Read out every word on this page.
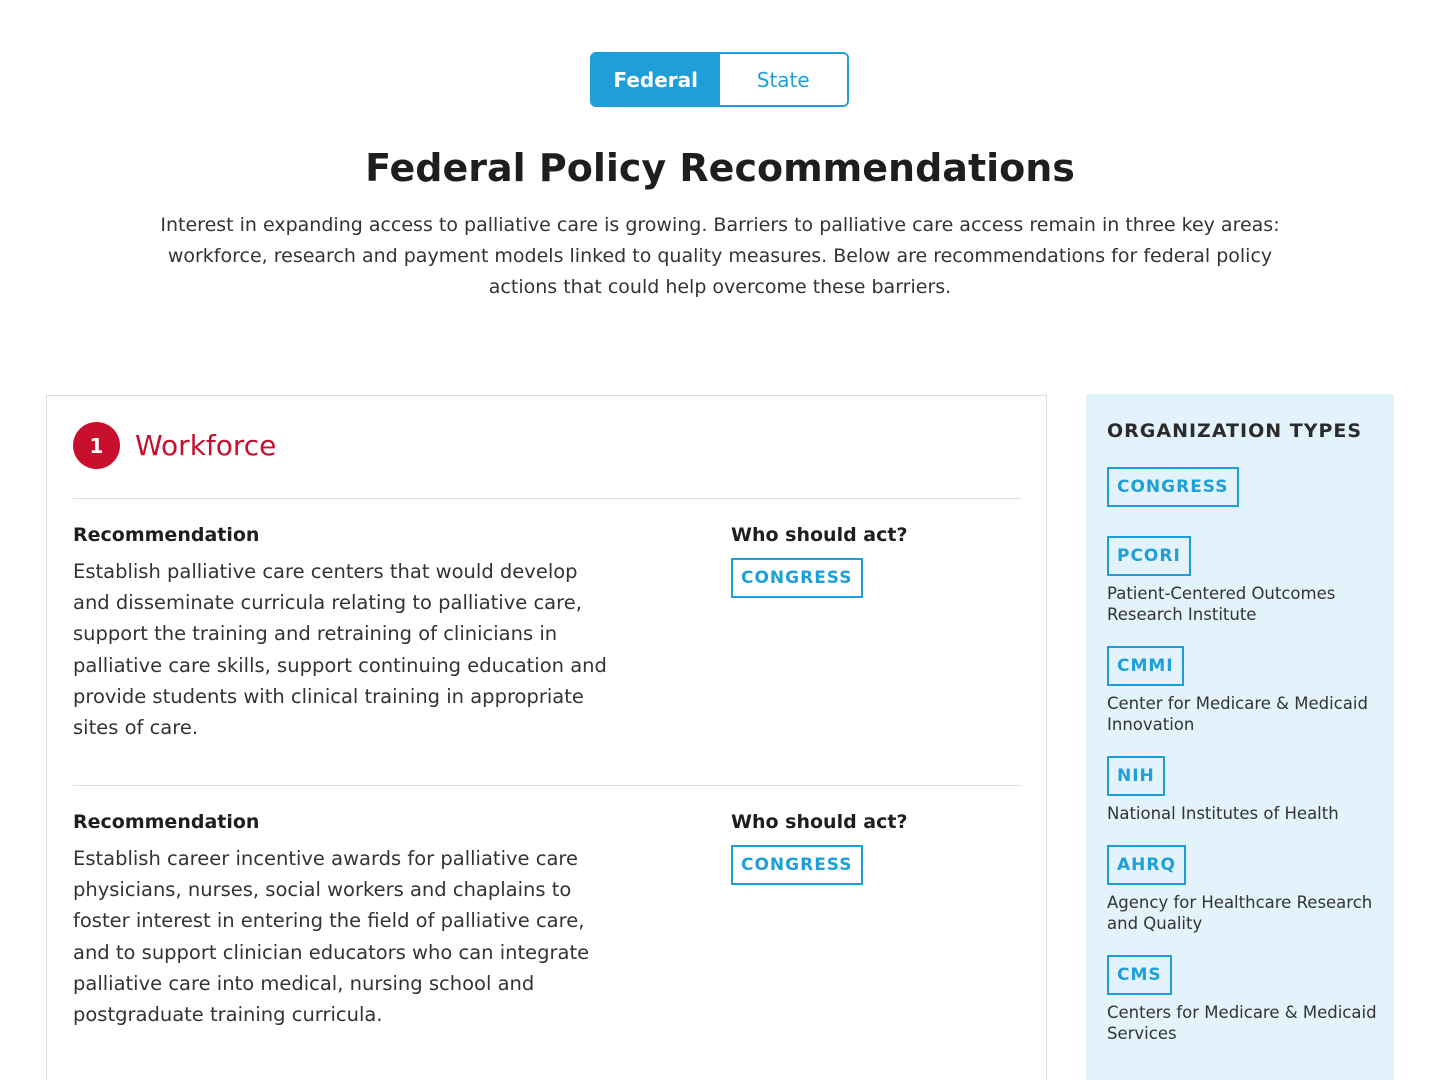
Federal	State
Federal Policy Recommendations

Interest in expanding access to palliative care is growing. Barriers to palliative care access remain in three key areas: workforce, research and payment models linked to quality measures. Below are recommendations for federal policy actions that could help overcome these barriers.

1	Workforce
Recommendation
Establish palliative care centers that would develop and disseminate curricula relating to palliative care, support the training and retraining of clinicians in palliative care skills, support continuing education and provide students with clinical training in appropriate sites of care.
Who should act?
CONGRESS
Recommendation
Establish career incentive awards for palliative care physicians, nurses, social workers and chaplains to foster interest in entering the field of palliative care, and to support clinician educators who can integrate palliative care into medical, nursing school and postgraduate training curricula.
Who should act?
CONGRESS
ORGANIZATION TYPES
CONGRESS
PCORI
Patient-Centered Outcomes Research Institute
CMMI
Center for Medicare & Medicaid Innovation
NIH
National Institutes of Health
AHRQ
Agency for Healthcare Research and Quality
CMS
Centers for Medicare & Medicaid Services
